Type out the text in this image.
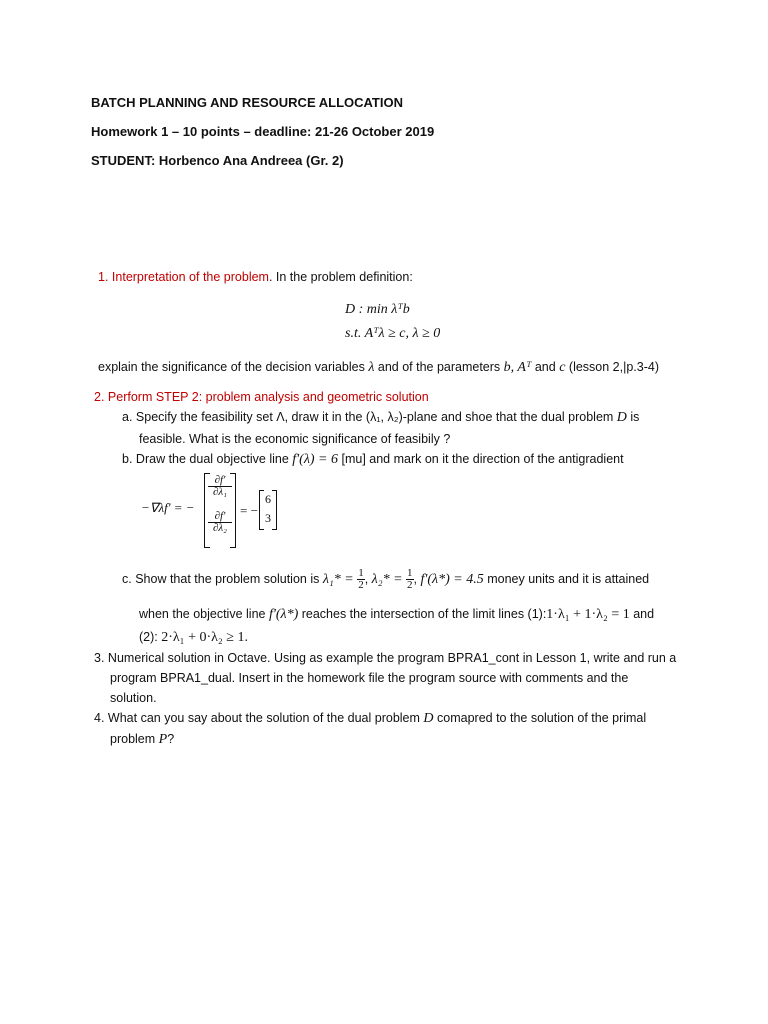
BATCH PLANNING AND RESOURCE ALLOCATION
Homework 1 – 10 points – deadline: 21-26 October 2019
STUDENT: Horbenco Ana Andreea (Gr. 2)
1. Interpretation of the problem. In the problem definition:
D : min λᵀb
s.t. Aᵀλ ≥ c, λ ≥ 0
explain the significance of the decision variables λ and of the parameters b, Aᵀ and c (lesson 2,|p.3-4)
2. Perform STEP 2: problem analysis and geometric solution
a. Specify the feasibility set Λ, draw it in the (λ₁, λ₂)-plane and shoe that the dual problem D is
feasible. What is the economic significance of feasibily ?
b. Draw the dual objective line f'(λ) = 6 [mu] and mark on it the direction of the antigradient
−∇λf' = −
$\frac{\partial f'}{\text{∂λ₁}}$
$\frac{\partial f'}{\text{∂λ₂}}$
= −
6
3
c. Show that the problem solution is $\lambda_1* = \frac{1}{2}$ , $\lambda_2* = \frac{1}{2}$ , f'(λ*) = 4.5 money units and it is attained
when the objective line f'(λ*) reaches the intersection of the limit lines (1):1·λ₁ + 1·λ₂ = 1 and
(2): 2·λ₁ + 0·λ₂ ≥ 1.
3. Numerical solution in Octave. Using as example the program BPRA1_cont in Lesson 1, write and run a
program BPRA1_dual. Insert in the homework file the program source with comments and the
solution.
4. What can you say about the solution of the dual problem D comapred to the solution of the primal
problem P?
